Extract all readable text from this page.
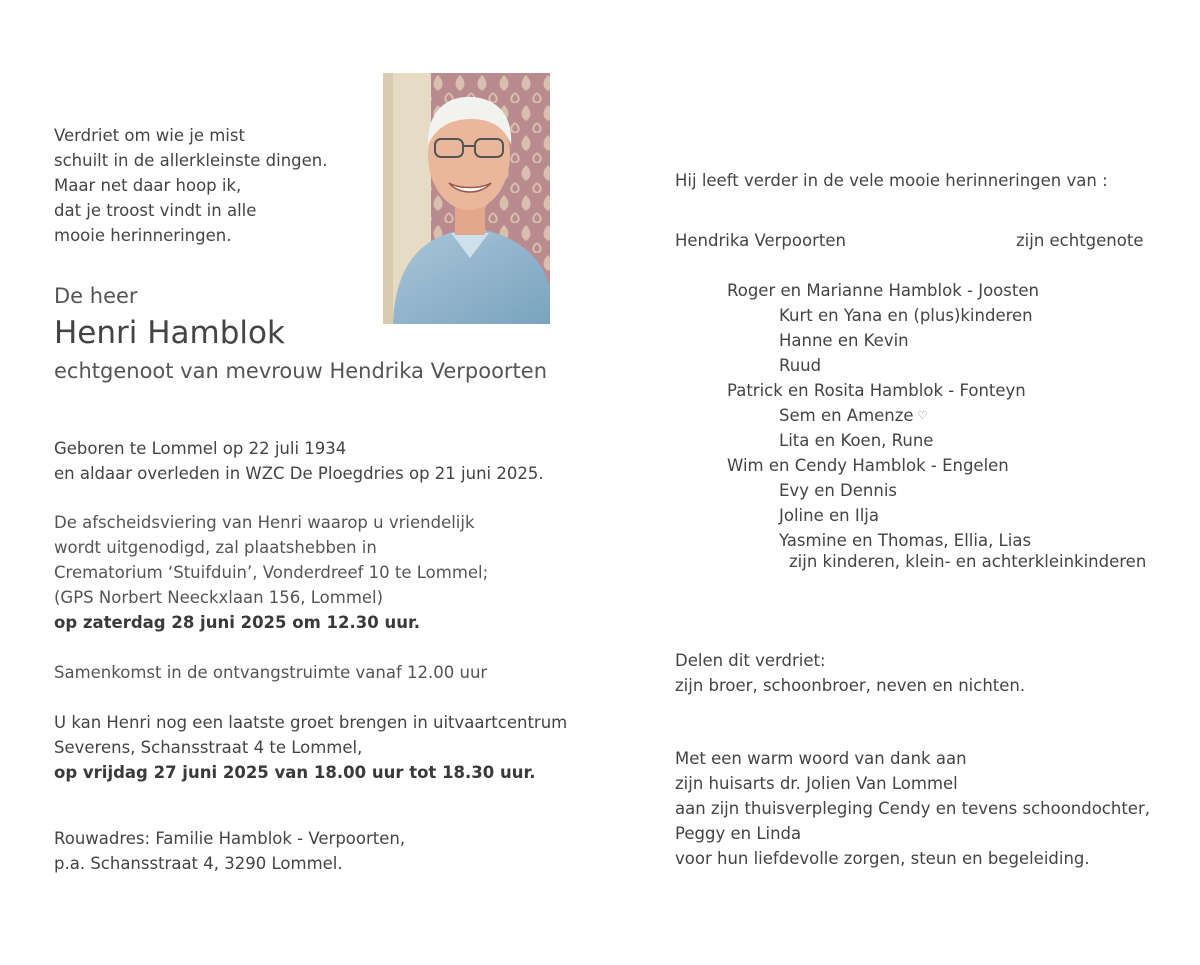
Verdriet om wie je mist
schuilt in de allerkleinste dingen.
Maar net daar hoop ik,
dat je troost vindt in alle
mooie herinneringen.
De heer
Henri Hamblok
echtgenoot van mevrouw Hendrika Verpoorten
Geboren te Lommel op 22 juli 1934
en aldaar overleden in WZC De Ploegdries op 21 juni 2025.
De afscheidsviering van Henri waarop u vriendelijk
wordt uitgenodigd, zal plaatshebben in
Crematorium ‘Stuifduin’, Vonderdreef 10 te Lommel;
(GPS Norbert Neeckxlaan 156, Lommel)
op zaterdag 28 juni 2025 om 12.30 uur.
Samenkomst in de ontvangstruimte vanaf 12.00 uur
U kan Henri nog een laatste groet brengen in uitvaartcentrum
Severens, Schansstraat 4 te Lommel,
op vrijdag 27 juni 2025 van 18.00 uur tot 18.30 uur.
Rouwadres: Familie Hamblok - Verpoorten,
p.a. Schansstraat 4, 3290 Lommel.
Hij leeft verder in de vele mooie herinneringen van :
Hendrika Verpoorten	zijn echtgenote
Roger en Marianne Hamblok - Joosten
Kurt en Yana en (plus)kinderen
Hanne en Kevin
Ruud
Patrick en Rosita Hamblok - Fonteyn
Sem en Amenze ♡
Lita en Koen, Rune
Wim en Cendy Hamblok - Engelen
Evy en Dennis
Joline en Ilja
Yasmine en Thomas, Ellia, Lias
zijn kinderen, klein- en achterkleinkinderen
Delen dit verdriet:
zijn broer, schoonbroer, neven en nichten.
Met een warm woord van dank aan
zijn huisarts dr. Jolien Van Lommel
aan zijn thuisverpleging Cendy en tevens schoondochter,
Peggy en Linda
voor hun liefdevolle zorgen, steun en begeleiding.
